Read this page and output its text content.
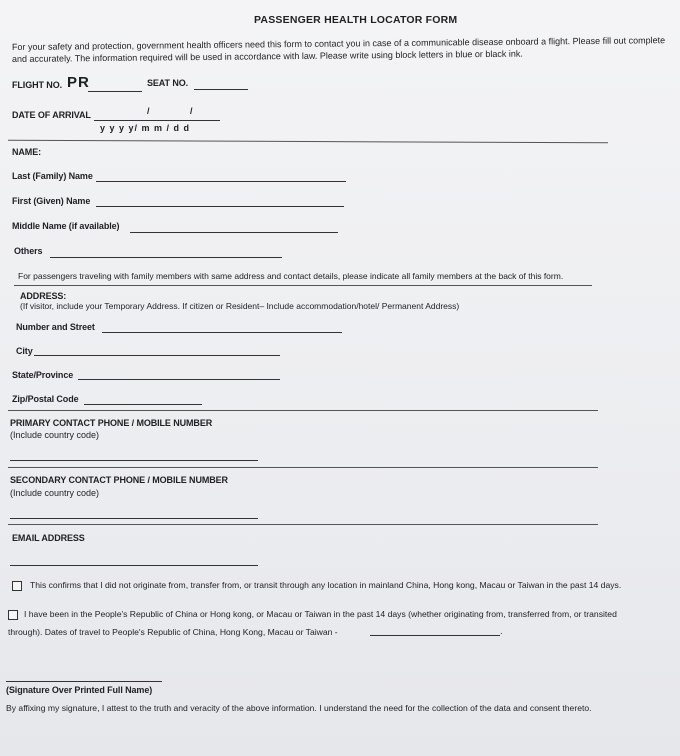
PASSENGER HEALTH LOCATOR FORM
For your safety and protection, government health officers need this form to contact you in case of a communicable disease onboard a flight. Please fill out complete
and accurately. The information required will be used in accordance with law. Please write using block letters in blue or black ink.
FLIGHT NO. PR	SEAT NO.
DATE OF ARRIVAL	/	/
y y y y/ m m / d d
NAME:
Last (Family) Name
First (Given) Name
Middle Name (if available)
Others
For passengers traveling with family members with same address and contact details, please indicate all family members at the back of this form.
ADDRESS:
(If visitor, include your Temporary Address. If citizen or Resident– Include accommodation/hotel/ Permanent Address)
Number and Street
City
State/Province
Zip/Postal Code
PRIMARY CONTACT PHONE / MOBILE NUMBER
(Include country code)
SECONDARY CONTACT PHONE / MOBILE NUMBER
(Include country code)
EMAIL ADDRESS
This confirms that I did not originate from, transfer from, or transit through any location in mainland China, Hong kong, Macau or Taiwan in the past 14 days.
I have been in the People's Republic of China or Hong kong, or Macau or Taiwan in the past 14 days (whether originating from, transferred from, or transited
through). Dates of travel to People's Republic of China, Hong Kong, Macau or Taiwan -	.
(Signature Over Printed Full Name)
By affixing my signature, I attest to the truth and veracity of the above information. I understand the need for the collection of the data and consent thereto.
